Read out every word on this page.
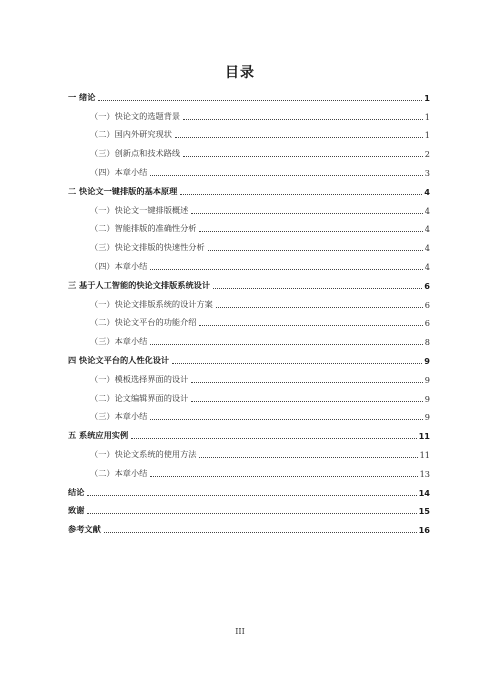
目录
一 绪论	1
（一）快论文的选题背景	1
（二）国内外研究现状	1
（三）创新点和技术路线	2
（四）本章小结	3
二 快论文一键排版的基本原理	4
（一）快论文一键排版概述	4
（二）智能排版的准确性分析	4
（三）快论文排版的快速性分析	4
（四）本章小结	4
三 基于人工智能的快论文排版系统设计	6
（一）快论文排版系统的设计方案	6
（二）快论文平台的功能介绍	6
（三）本章小结	8
四 快论文平台的人性化设计	9
（一）模板选择界面的设计	9
（二）论文编辑界面的设计	9
（三）本章小结	9
五 系统应用实例	11
（一）快论文系统的使用方法	11
（二）本章小结	13
结论	14
致谢	15
参考文献	16
III
